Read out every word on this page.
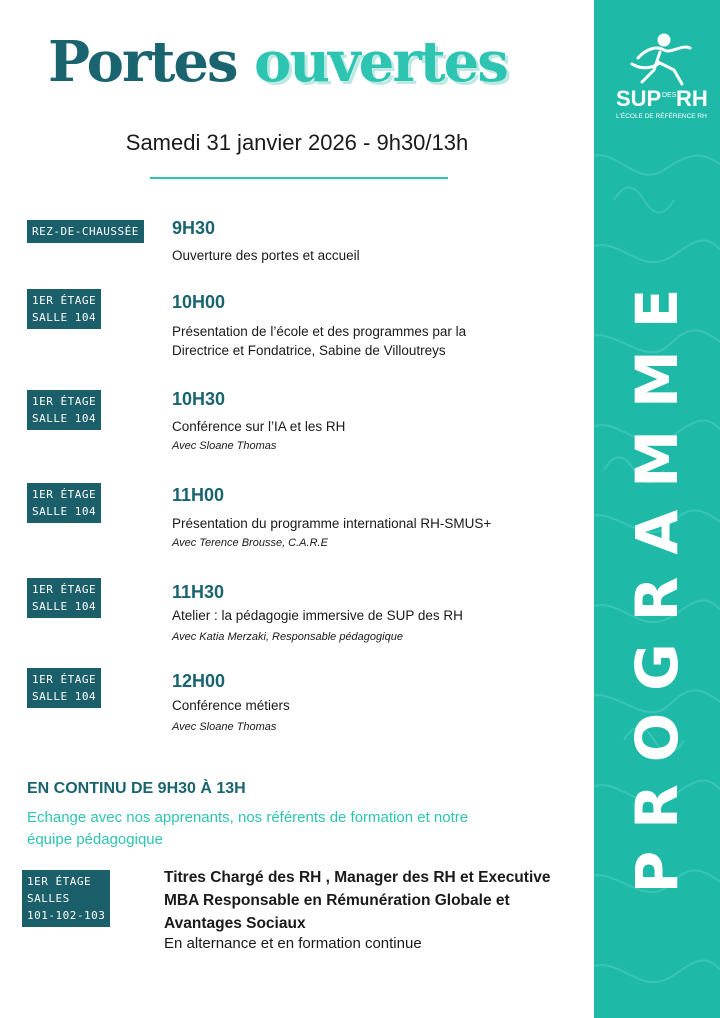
SUP DES RH
L'ÉCOLE DE RÉFÉRENCE RH
PROGRAMME
Portes ouvertes
Samedi 31 janvier 2026 - 9h30/13h
REZ-DE-CHAUSSÉE 9H30
Ouverture des portes et accueil
1ER ÉTAGE
SALLE 104
10H00
Présentation de l’école et des programmes par la Directrice et Fondatrice, Sabine de Villoutreys
1ER ÉTAGE
SALLE 104
10H30
Conférence sur l’IA et les RH
Avec Sloane Thomas
1ER ÉTAGE
SALLE 104
11H00
Présentation du programme international RH-SMUS+
Avec Terence Brousse, C.A.R.E
1ER ÉTAGE
SALLE 104
11H30
Atelier : la pédagogie immersive de SUP des RH
Avec Katia Merzaki, Responsable pédagogique
1ER ÉTAGE
SALLE 104
12H00
Conférence métiers
Avec Sloane Thomas
EN CONTINU DE 9H30 À 13H
Echange avec nos apprenants, nos référents de formation et notre équipe pédagogique
1ER ÉTAGE
SALLES
101-102-103
Titres Chargé des RH , Manager des RH et Executive MBA Responsable en Rémunération Globale et Avantages Sociaux
En alternance et en formation continue
